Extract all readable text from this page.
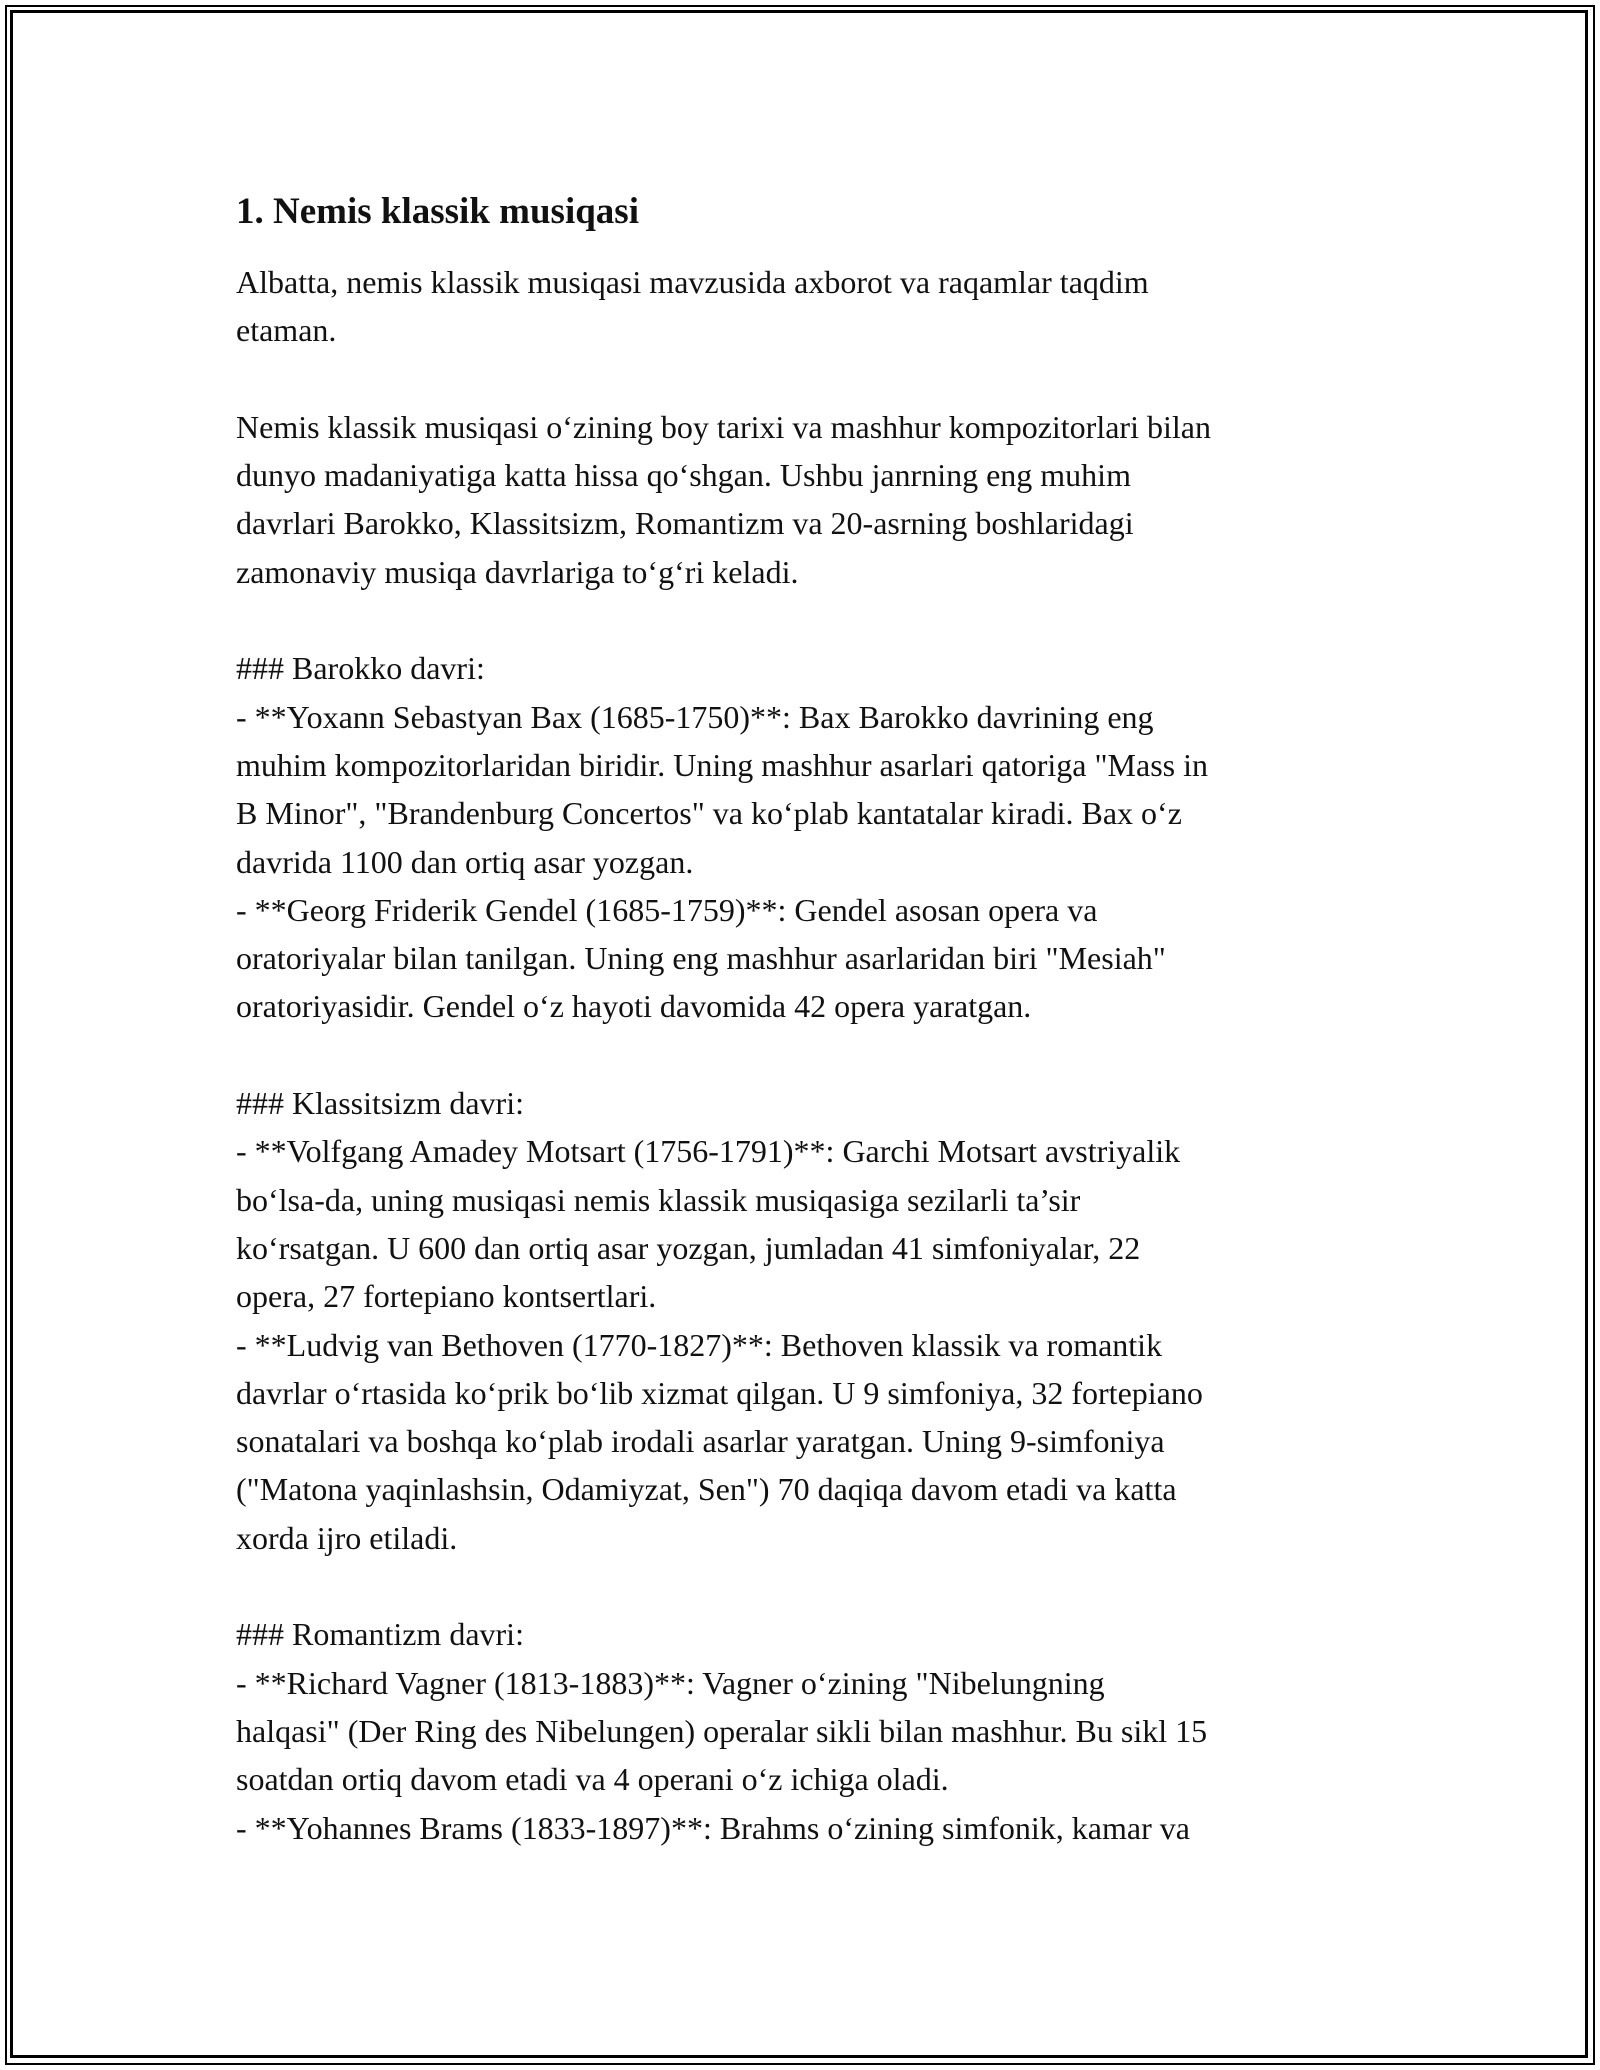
1. Nemis klassik musiqasi

Albatta, nemis klassik musiqasi mavzusida axborot va raqamlar taqdim
etaman.

Nemis klassik musiqasi o‘zining boy tarixi va mashhur kompozitorlari bilan
dunyo madaniyatiga katta hissa qo‘shgan. Ushbu janrning eng muhim
davrlari Barokko, Klassitsizm, Romantizm va 20-asrning boshlaridagi
zamonaviy musiqa davrlariga to‘g‘ri keladi.

### Barokko davri:

- **Yoxann Sebastyan Bax (1685-1750)**: Bax Barokko davrining eng
muhim kompozitorlaridan biridir. Uning mashhur asarlari qatoriga "Mass in
B Minor", "Brandenburg Concertos" va ko‘plab kantatalar kiradi. Bax o‘z
davrida 1100 dan ortiq asar yozgan.

- **Georg Friderik Gendel (1685-1759)**: Gendel asosan opera va
oratoriyalar bilan tanilgan. Uning eng mashhur asarlaridan biri "Mesiah"
oratoriyasidir. Gendel o‘z hayoti davomida 42 opera yaratgan.

### Klassitsizm davri:

- **Volfgang Amadey Motsart (1756-1791)**: Garchi Motsart avstriyalik
bo‘lsa-da, uning musiqasi nemis klassik musiqasiga sezilarli ta’sir
ko‘rsatgan. U 600 dan ortiq asar yozgan, jumladan 41 simfoniyalar, 22
opera, 27 fortepiano kontsertlari.

- **Ludvig van Bethoven (1770-1827)**: Bethoven klassik va romantik
davrlar o‘rtasida ko‘prik bo‘lib xizmat qilgan. U 9 simfoniya, 32 fortepiano
sonatalari va boshqa ko‘plab irodali asarlar yaratgan. Uning 9-simfoniya
("Matona yaqinlashsin, Odamiyzat, Sen") 70 daqiqa davom etadi va katta
xorda ijro etiladi.

### Romantizm davri:

- **Richard Vagner (1813-1883)**: Vagner o‘zining "Nibelungning
halqasi" (Der Ring des Nibelungen) operalar sikli bilan mashhur. Bu sikl 15
soatdan ortiq davom etadi va 4 operani o‘z ichiga oladi.

- **Yohannes Brams (1833-1897)**: Brahms o‘zining simfonik, kamar va
